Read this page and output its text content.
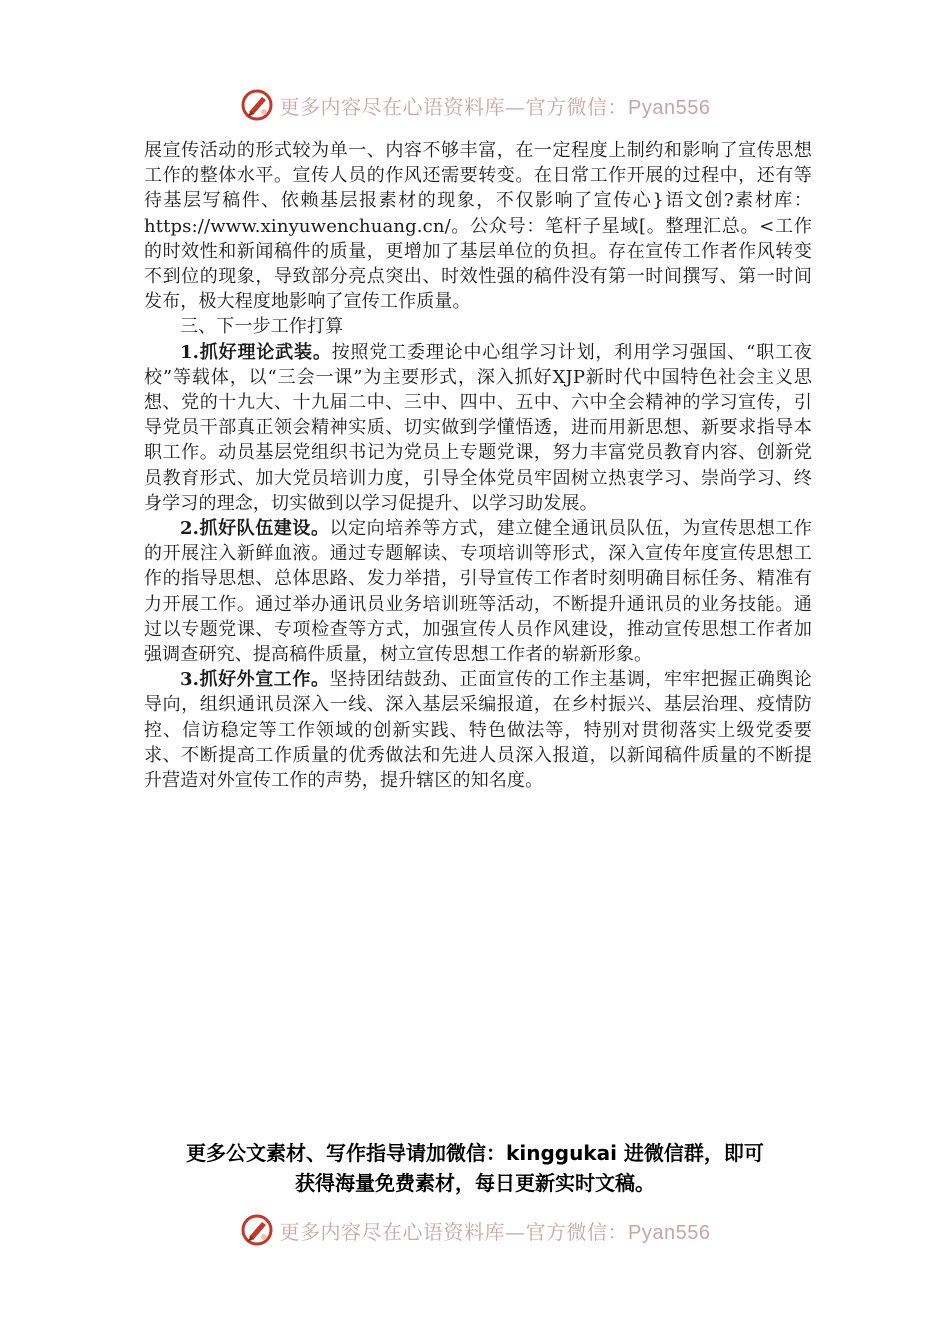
更多内容尽在心语资料库—官方微信：Pyan556

展宣传活动的形式较为单一、内容不够丰富，在一定程度上制约和影响了宣传思想工作的整体水平。宣传人员的作风还需要转变。在日常工作开展的过程中，还有等待基层写稿件、依赖基层报素材的现象，不仅影响了宣传心}语文创?素材库：https://www.xinyuwenchuang.cn/。公众号：笔杆子星域[。整理汇总。<工作的时效性和新闻稿件的质量，更增加了基层单位的负担。存在宣传工作者作风转变不到位的现象，导致部分亮点突出、时效性强的稿件没有第一时间撰写、第一时间发布，极大程度地影响了宣传工作质量。

三、下一步工作打算

1.抓好理论武装。按照党工委理论中心组学习计划，利用学习强国、“职工夜校”等载体，以“三会一课”为主要形式，深入抓好XJP新时代中国特色社会主义思想、党的十九大、十九届二中、三中、四中、五中、六中全会精神的学习宣传，引导党员干部真正领会精神实质、切实做到学懂悟透，进而用新思想、新要求指导本职工作。动员基层党组织书记为党员上专题党课，努力丰富党员教育内容、创新党员教育形式、加大党员培训力度，引导全体党员牢固树立热衷学习、崇尚学习、终身学习的理念，切实做到以学习促提升、以学习助发展。

2.抓好队伍建设。以定向培养等方式，建立健全通讯员队伍，为宣传思想工作的开展注入新鲜血液。通过专题解读、专项培训等形式，深入宣传年度宣传思想工作的指导思想、总体思路、发力举措，引导宣传工作者时刻明确目标任务、精准有力开展工作。通过举办通讯员业务培训班等活动，不断提升通讯员的业务技能。通过以专题党课、专项检查等方式，加强宣传人员作风建设，推动宣传思想工作者加强调查研究、提高稿件质量，树立宣传思想工作者的崭新形象。

3.抓好外宣工作。坚持团结鼓劲、正面宣传的工作主基调，牢牢把握正确舆论导向，组织通讯员深入一线、深入基层采编报道，在乡村振兴、基层治理、疫情防控、信访稳定等工作领域的创新实践、特色做法等，特别对贯彻落实上级党委要求、不断提高工作质量的优秀做法和先进人员深入报道，以新闻稿件质量的不断提升营造对外宣传工作的声势，提升辖区的知名度。

更多公文素材、写作指导请加微信：kinggukai 进微信群，即可
获得海量免费素材，每日更新实时文稿。
更多内容尽在心语资料库—官方微信：Pyan556
